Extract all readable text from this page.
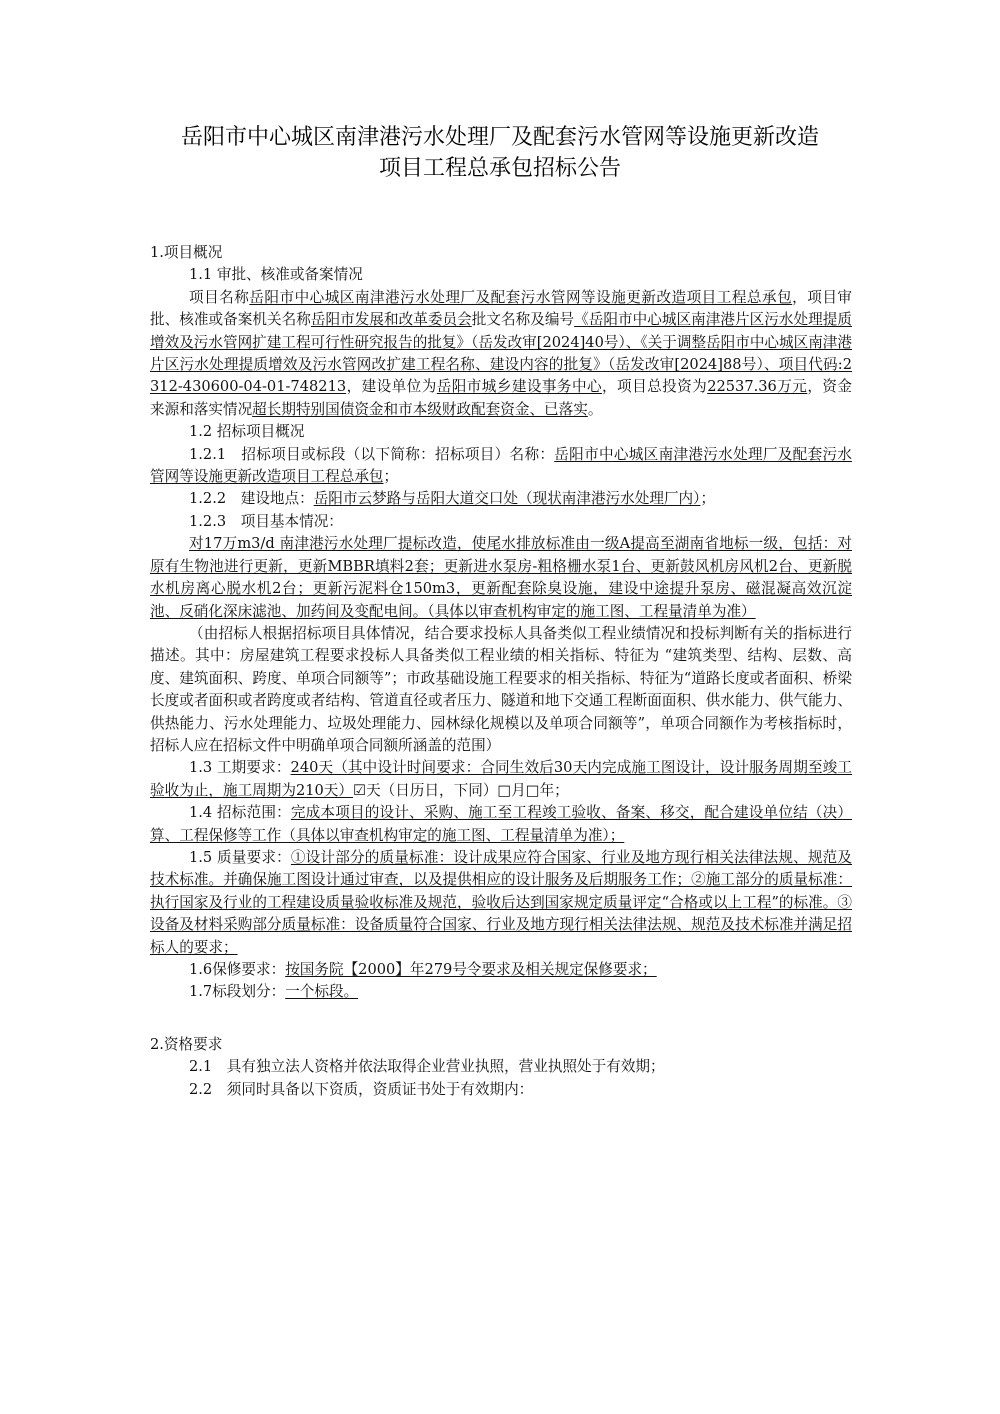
岳阳市中心城区南津港污水处理厂及配套污水管网等设施更新改造
项目工程总承包招标公告

1.项目概况

1.1 审批、核准或备案情况

项目名称岳阳市中心城区南津港污水处理厂及配套污水管网等设施更新改造项目工程总承包，项目审批、核准或备案机关名称岳阳市发展和改革委员会批文名称及编号《岳阳市中心城区南津港片区污水处理提质增效及污水管网扩建工程可行性研究报告的批复》（岳发改审[2024]40号）、《关于调整岳阳市中心城区南津港片区污水处理提质增效及污水管网改扩建工程名称、建设内容的批复》（岳发改审[2024]88号）、项目代码:2312-430600-04-01-748213，建设单位为岳阳市城乡建设事务中心，项目总投资为22537.36万元，资金来源和落实情况超长期特别国债资金和市本级财政配套资金、已落实。

1.2 招标项目概况

1.2.1　招标项目或标段（以下简称：招标项目）名称：岳阳市中心城区南津港污水处理厂及配套污水管网等设施更新改造项目工程总承包；

1.2.2　建设地点：岳阳市云梦路与岳阳大道交口处（现状南津港污水处理厂内）；

1.2.3　项目基本情况：

对17万m3/d 南津港污水处理厂提标改造，使尾水排放标准由一级A提高至湖南省地标一级，包括：对原有生物池进行更新，更新MBBR填料2套；更新进水泵房-粗格栅水泵1台、更新鼓风机房风机2台、更新脱水机房离心脱水机2台；更新污泥料仓150m3，更新配套除臭设施，建设中途提升泵房、磁混凝高效沉淀池、反硝化深床滤池、加药间及变配电间。（具体以审查机构审定的施工图、工程量清单为准）

（由招标人根据招标项目具体情况，结合要求投标人具备类似工程业绩情况和投标判断有关的指标进行描述。其中：房屋建筑工程要求投标人具备类似工程业绩的相关指标、特征为 “建筑类型、结构、层数、高度、建筑面积、跨度、单项合同额等”；市政基础设施工程要求的相关指标、特征为“道路长度或者面积、桥梁长度或者面积或者跨度或者结构、管道直径或者压力、隧道和地下交通工程断面面积、供水能力、供气能力、供热能力、污水处理能力、垃圾处理能力、园林绿化规模以及单项合同额等”，单项合同额作为考核指标时，招标人应在招标文件中明确单项合同额所涵盖的范围）

1.3 工期要求：240天（其中设计时间要求：合同生效后30天内完成施工图设计，设计服务周期至竣工验收为止，施工周期为210天）☑天（日历日，下同）□月□年；

1.4 招标范围：完成本项目的设计、采购、施工至工程竣工验收、备案、移交，配合建设单位结（决）算、工程保修等工作（具体以审查机构审定的施工图、工程量清单为准）；

1.5 质量要求：①设计部分的质量标准：设计成果应符合国家、行业及地方现行相关法律法规、规范及技术标准。并确保施工图设计通过审查，以及提供相应的设计服务及后期服务工作；②施工部分的质量标准：执行国家及行业的工程建设质量验收标准及规范，验收后达到国家规定质量评定“合格或以上工程”的标准。③设备及材料采购部分质量标准：设备质量符合国家、行业及地方现行相关法律法规、规范及技术标准并满足招标人的要求；

1.6保修要求：按国务院【2000】年279号令要求及相关规定保修要求；

1.7标段划分：一个标段。

2.资格要求

2.1　具有独立法人资格并依法取得企业营业执照，营业执照处于有效期；

2.2　须同时具备以下资质，资质证书处于有效期内：
